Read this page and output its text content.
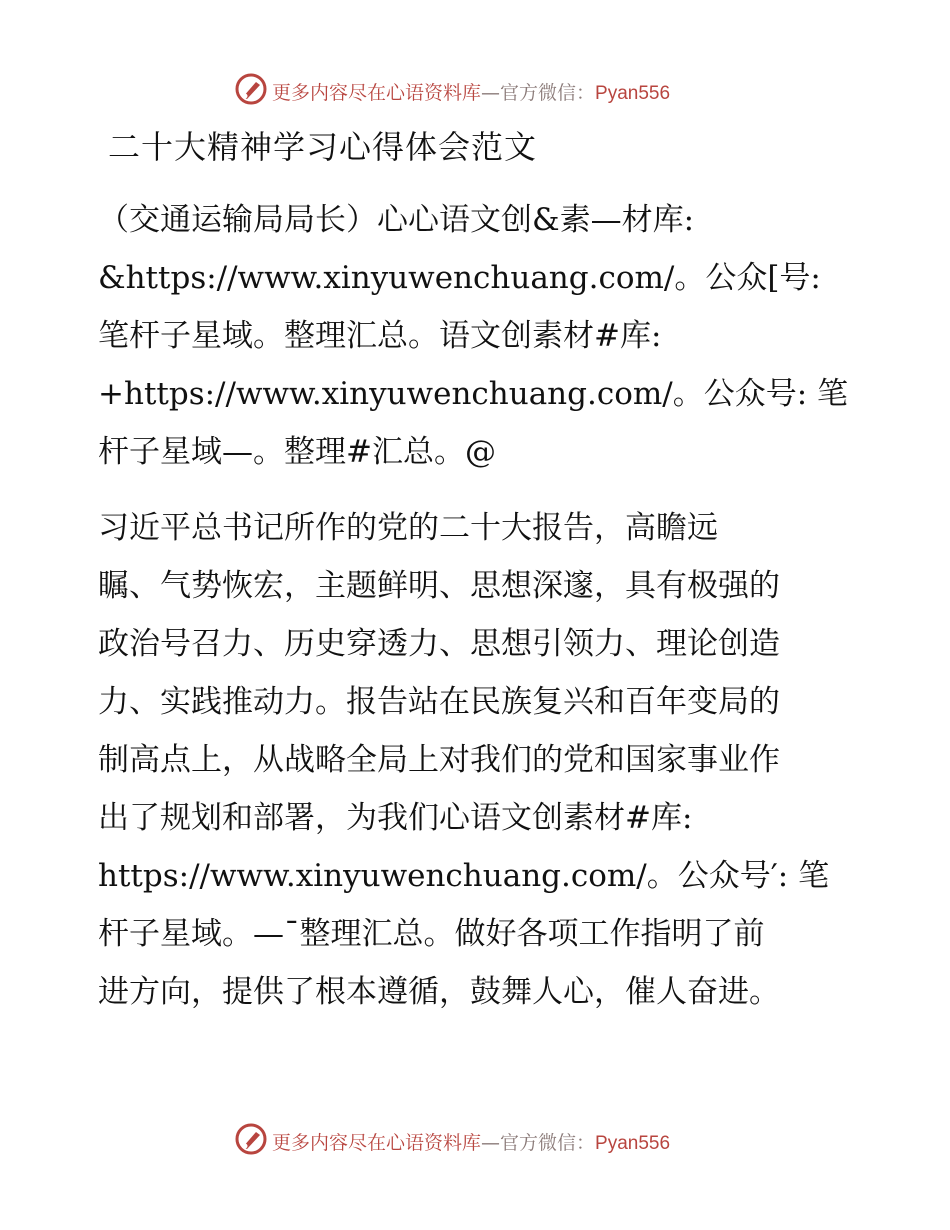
更多内容尽在心语资料库—官方微信：Pyan556
二十大精神学习心得体会范文
（交通运输局局长）心心语文创&素—材库:
&https://www.xinyuwenchuang.com/。公众[号:
笔杆子星域。整理汇总。语文创素材#库:
+https://www.xinyuwenchuang.com/。公众号: 笔
杆子星域—。整理#汇总。@
习近平总书记所作的党的二十大报告，高瞻远
瞩、气势恢宏，主题鲜明、思想深邃，具有极强的
政治号召力、历史穿透力、思想引领力、理论创造
力、实践推动力。报告站在民族复兴和百年变局的
制高点上，从战略全局上对我们的党和国家事业作
出了规划和部署，为我们心语文创素材#库:
https://www.xinyuwenchuang.com/。公众号′: 笔
杆子星域。—¯整理汇总。做好各项工作指明了前
进方向，提供了根本遵循，鼓舞人心，催人奋进。
更多内容尽在心语资料库—官方微信：Pyan556
